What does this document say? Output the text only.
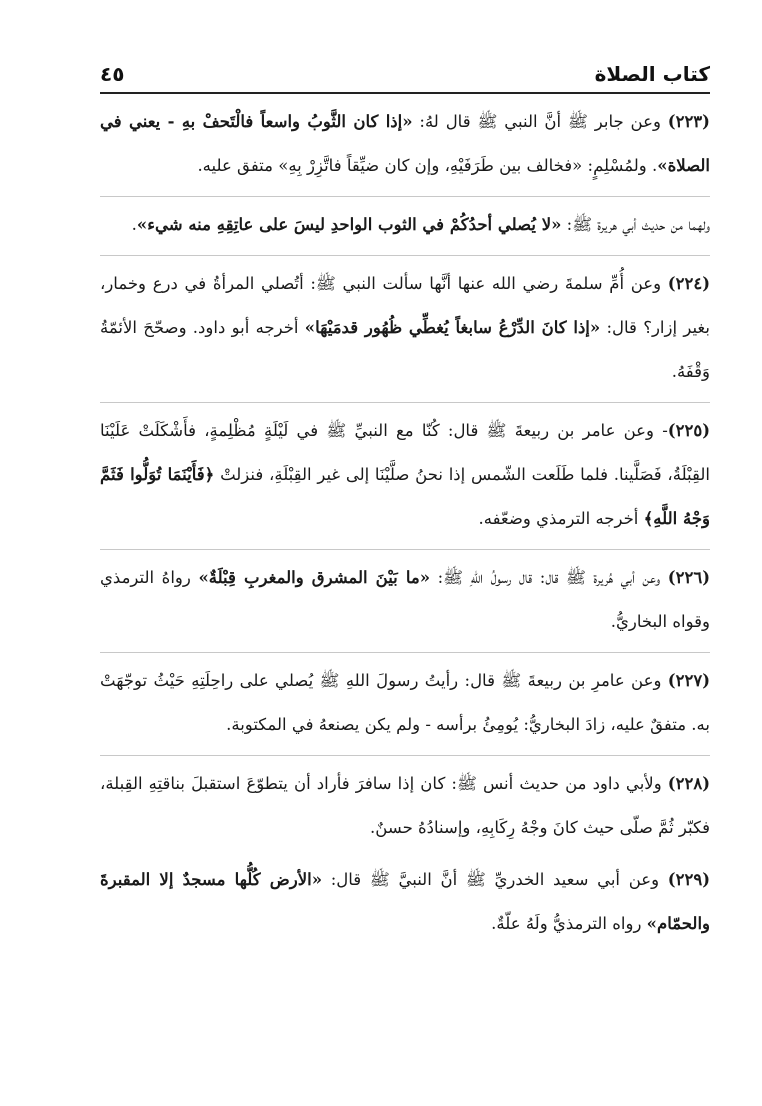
كتاب الصلاة
٤٥

(٢٢٣) وعن جابر ﷺ أنَّ النبي ﷺ قال لهُ: «إذا كان الثَّوبُ واسعاً فالْتَحفْ بهِ - يعني في الصلاة». ولمُسْلِمٍ: «فخالف بين طَرَفَيْهِ، وإن كان ضيِّقاً فاتَّزِرْ بِهِ» متفق عليه.

ولهما من حديث أبي هريرة ﷺ: «لا يُصلي أحدُكُمْ في الثوب الواحدِ ليسَ على عاتِقِهِ منه شيء».

(٢٢٤) وعن أُمِّ سلمةَ رضي الله عنها أنَّها سألت النبي ﷺ: أتُصلي المرأةُ في درع وخمار، بغير إزار؟ قال: «إذا كانَ الدِّرْعُ سابغاً يُغطِّي ظُهُور قدمَيْهَا» أخرجه أبو داود. وصحّحَ الأئمّةُ وَقْفَهُ.

(٢٢٥)- وعن عامر بن ربيعةَ ﷺ قال: كُنّا مع النبيِّ ﷺ في لَيْلَةٍ مُظْلِمةٍ، فأَشْكَلَتْ عَلَيْنَا القِبْلَةُ، فَصَلَّينا. فلما طَلَعت الشّمس إذا نحنُ صلَّيْنَا إلى غير القِبْلَةِ، فنزلتْ ﴿فَأَيْنَمَا تُوَلُّوا فَثَمَّ وَجْهُ اللَّهِ﴾ أخرجه الترمذي وضعّفه.

(٢٢٦) وعن أبي هُريرة ﷺ قال: قال رسولُ اللهِ ﷺ: «ما بَيْنَ المشرق والمغربِ قِبْلَةٌ» رواهُ الترمذي وقواه البخاريُّ.

(٢٢٧) وعن عامرِ بن ربيعةَ ﷺ قال: رأيتُ رسولَ اللهِ ﷺ يُصلي على راحِلَتِهِ حَيْثُ توجّهَتْ به. متفقٌ عليه، زادَ البخاريُّ: يُومِئُ برأسه - ولم يكن يصنعهُ في المكتوبة.

(٢٢٨) ولأبي داود من حديث أنس ﷺ: كان إذا سافرَ فأراد أن يتطوّعَ استقبلَ بناقتِهِ القِبلة، فكبّر ثُمَّ صلّى حيث كانَ وجْهُ رِكَابِهِ، وإسنادُهُ حسنٌ.

(٢٢٩) وعن أبي سعيد الخدريِّ ﷺ أنَّ النبيَّ ﷺ قال: «الأرض كُلُّها مسجدٌ إلا المقبرةَ والحمّام» رواه الترمذيُّ ولَهُ علّةٌ.
